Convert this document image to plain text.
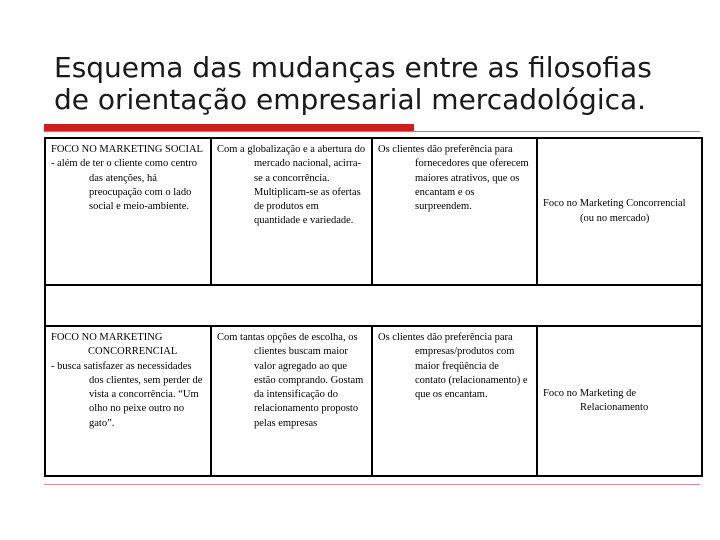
Esquema das mudanças entre as filosofias
de orientação empresarial mercadológica.

FOCO NO MARKETING SOCIAL

- além de ter o cliente como centro das atenções, há preocupação com o lado social e meio-ambiente.

Com a globalização e a abertura do mercado nacional, acirra-se a concorrência. Multiplicam-se as ofertas de produtos em quantidade e variedade.

Os clientes dão preferência para fornecedores que oferecem maiores atrativos, que os encantam e os surpreendem.	Foco no Marketing Concorrencial (ou no mercado)

FOCO NO MARKETING CONCORRENCIAL

- busca satisfazer as necessidades dos clientes, sem perder de vista a concorrência. “Um olho no peixe outro no gato”.

Com tantas opções de escolha, os clientes buscam maior valor agregado ao que estão comprando. Gostam da intensificação do relacionamento proposto pelas empresas

Os clientes dão preferência para empresas/produtos com maior freqüência de contato (relacionamento) e que os encantam.	Foco no Marketing de Relacionamento
